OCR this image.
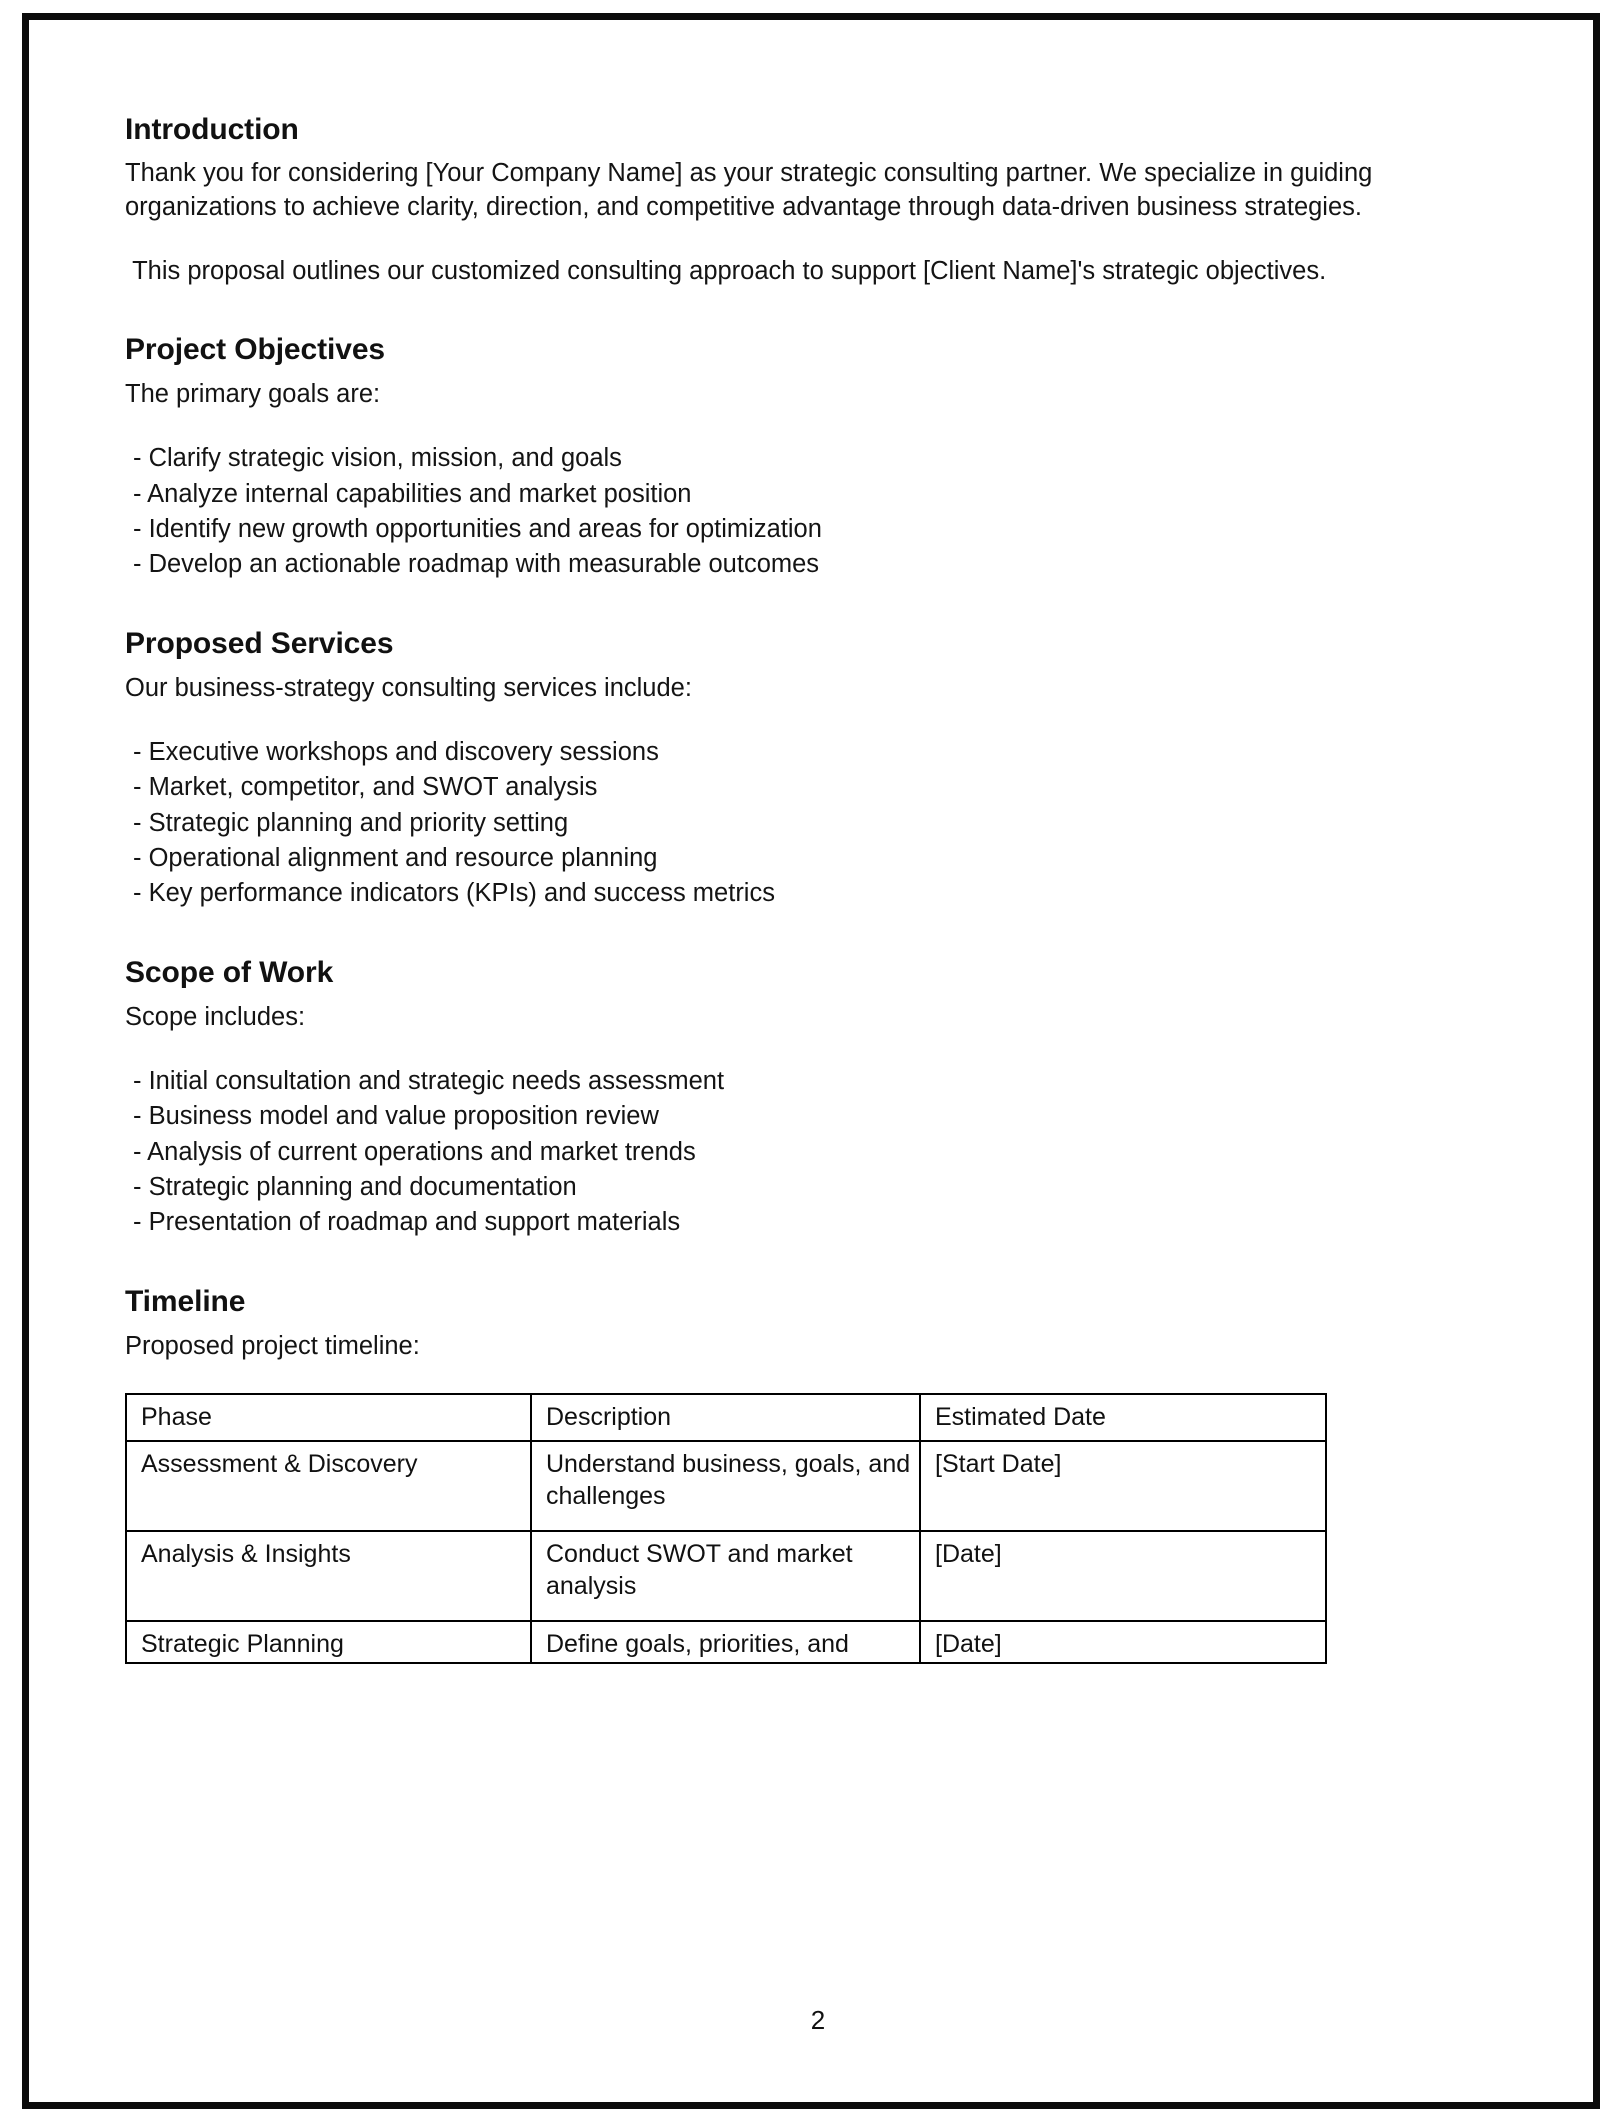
Introduction

Thank you for considering [Your Company Name] as your strategic consulting partner. We specialize in guiding organizations to achieve clarity, direction, and competitive advantage through data-driven business strategies.

This proposal outlines our customized consulting approach to support [Client Name]'s strategic objectives.

Project Objectives

The primary goals are:

- Clarify strategic vision, mission, and goals
- Analyze internal capabilities and market position
- Identify new growth opportunities and areas for optimization
- Develop an actionable roadmap with measurable outcomes
Proposed Services

Our business-strategy consulting services include:

- Executive workshops and discovery sessions
- Market, competitor, and SWOT analysis
- Strategic planning and priority setting
- Operational alignment and resource planning
- Key performance indicators (KPIs) and success metrics
Scope of Work

Scope includes:

- Initial consultation and strategic needs assessment
- Business model and value proposition review
- Analysis of current operations and market trends
- Strategic planning and documentation
- Presentation of roadmap and support materials
Timeline

Proposed project timeline:

Phase	Description	Estimated Date
Assessment & Discovery	Understand business, goals, and challenges	[Start Date]
Analysis & Insights	Conduct SWOT and market analysis	[Date]
Strategic Planning	Define goals, priorities, and	[Date]
2
